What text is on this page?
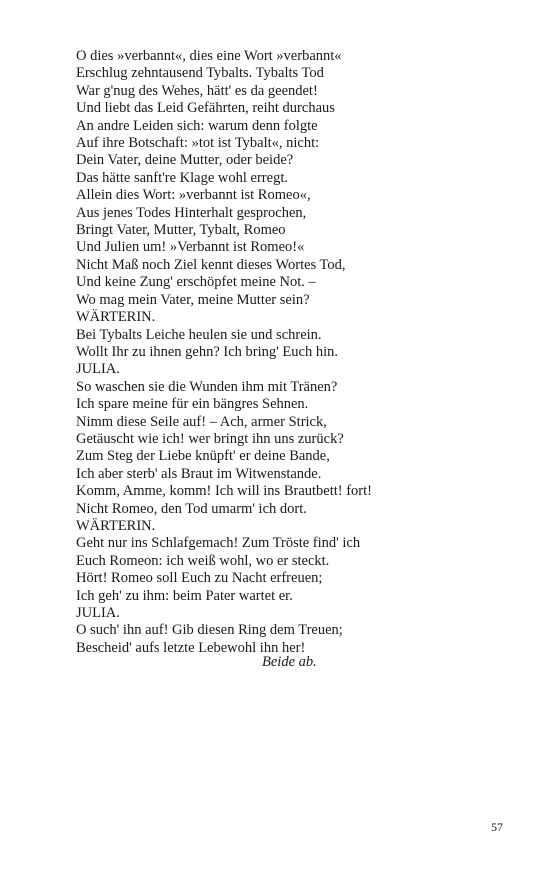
O dies »verbannt«, dies eine Wort »verbannt«
Erschlug zehntausend Tybalts. Tybalts Tod
War g'nug des Wehes, hätt' es da geendet!
Und liebt das Leid Gefährten, reiht durchaus
An andre Leiden sich: warum denn folgte
Auf ihre Botschaft: »tot ist Tybalt«, nicht:
Dein Vater, deine Mutter, oder beide?
Das hätte sanft're Klage wohl erregt.
Allein dies Wort: »verbannt ist Romeo«,
Aus jenes Todes Hinterhalt gesprochen,
Bringt Vater, Mutter, Tybalt, Romeo
Und Julien um! »Verbannt ist Romeo!«
Nicht Maß noch Ziel kennt dieses Wortes Tod,
Und keine Zung' erschöpfet meine Not. –
Wo mag mein Vater, meine Mutter sein?
WÄRTERIN.
Bei Tybalts Leiche heulen sie und schrein.
Wollt Ihr zu ihnen gehn? Ich bring' Euch hin.
JULIA.
So waschen sie die Wunden ihm mit Tränen?
Ich spare meine für ein bängres Sehnen.
Nimm diese Seile auf! – Ach, armer Strick,
Getäuscht wie ich! wer bringt ihn uns zurück?
Zum Steg der Liebe knüpft' er deine Bande,
Ich aber sterb' als Braut im Witwenstande.
Komm, Amme, komm! Ich will ins Brautbett! fort!
Nicht Romeo, den Tod umarm' ich dort.
WÄRTERIN.
Geht nur ins Schlafgemach! Zum Tröste find' ich
Euch Romeon: ich weiß wohl, wo er steckt.
Hört! Romeo soll Euch zu Nacht erfreuen;
Ich geh' zu ihm: beim Pater wartet er.
JULIA.
O such' ihn auf! Gib diesen Ring dem Treuen;
Bescheid' aufs letzte Lebewohl ihn her!
Beide ab.
57
